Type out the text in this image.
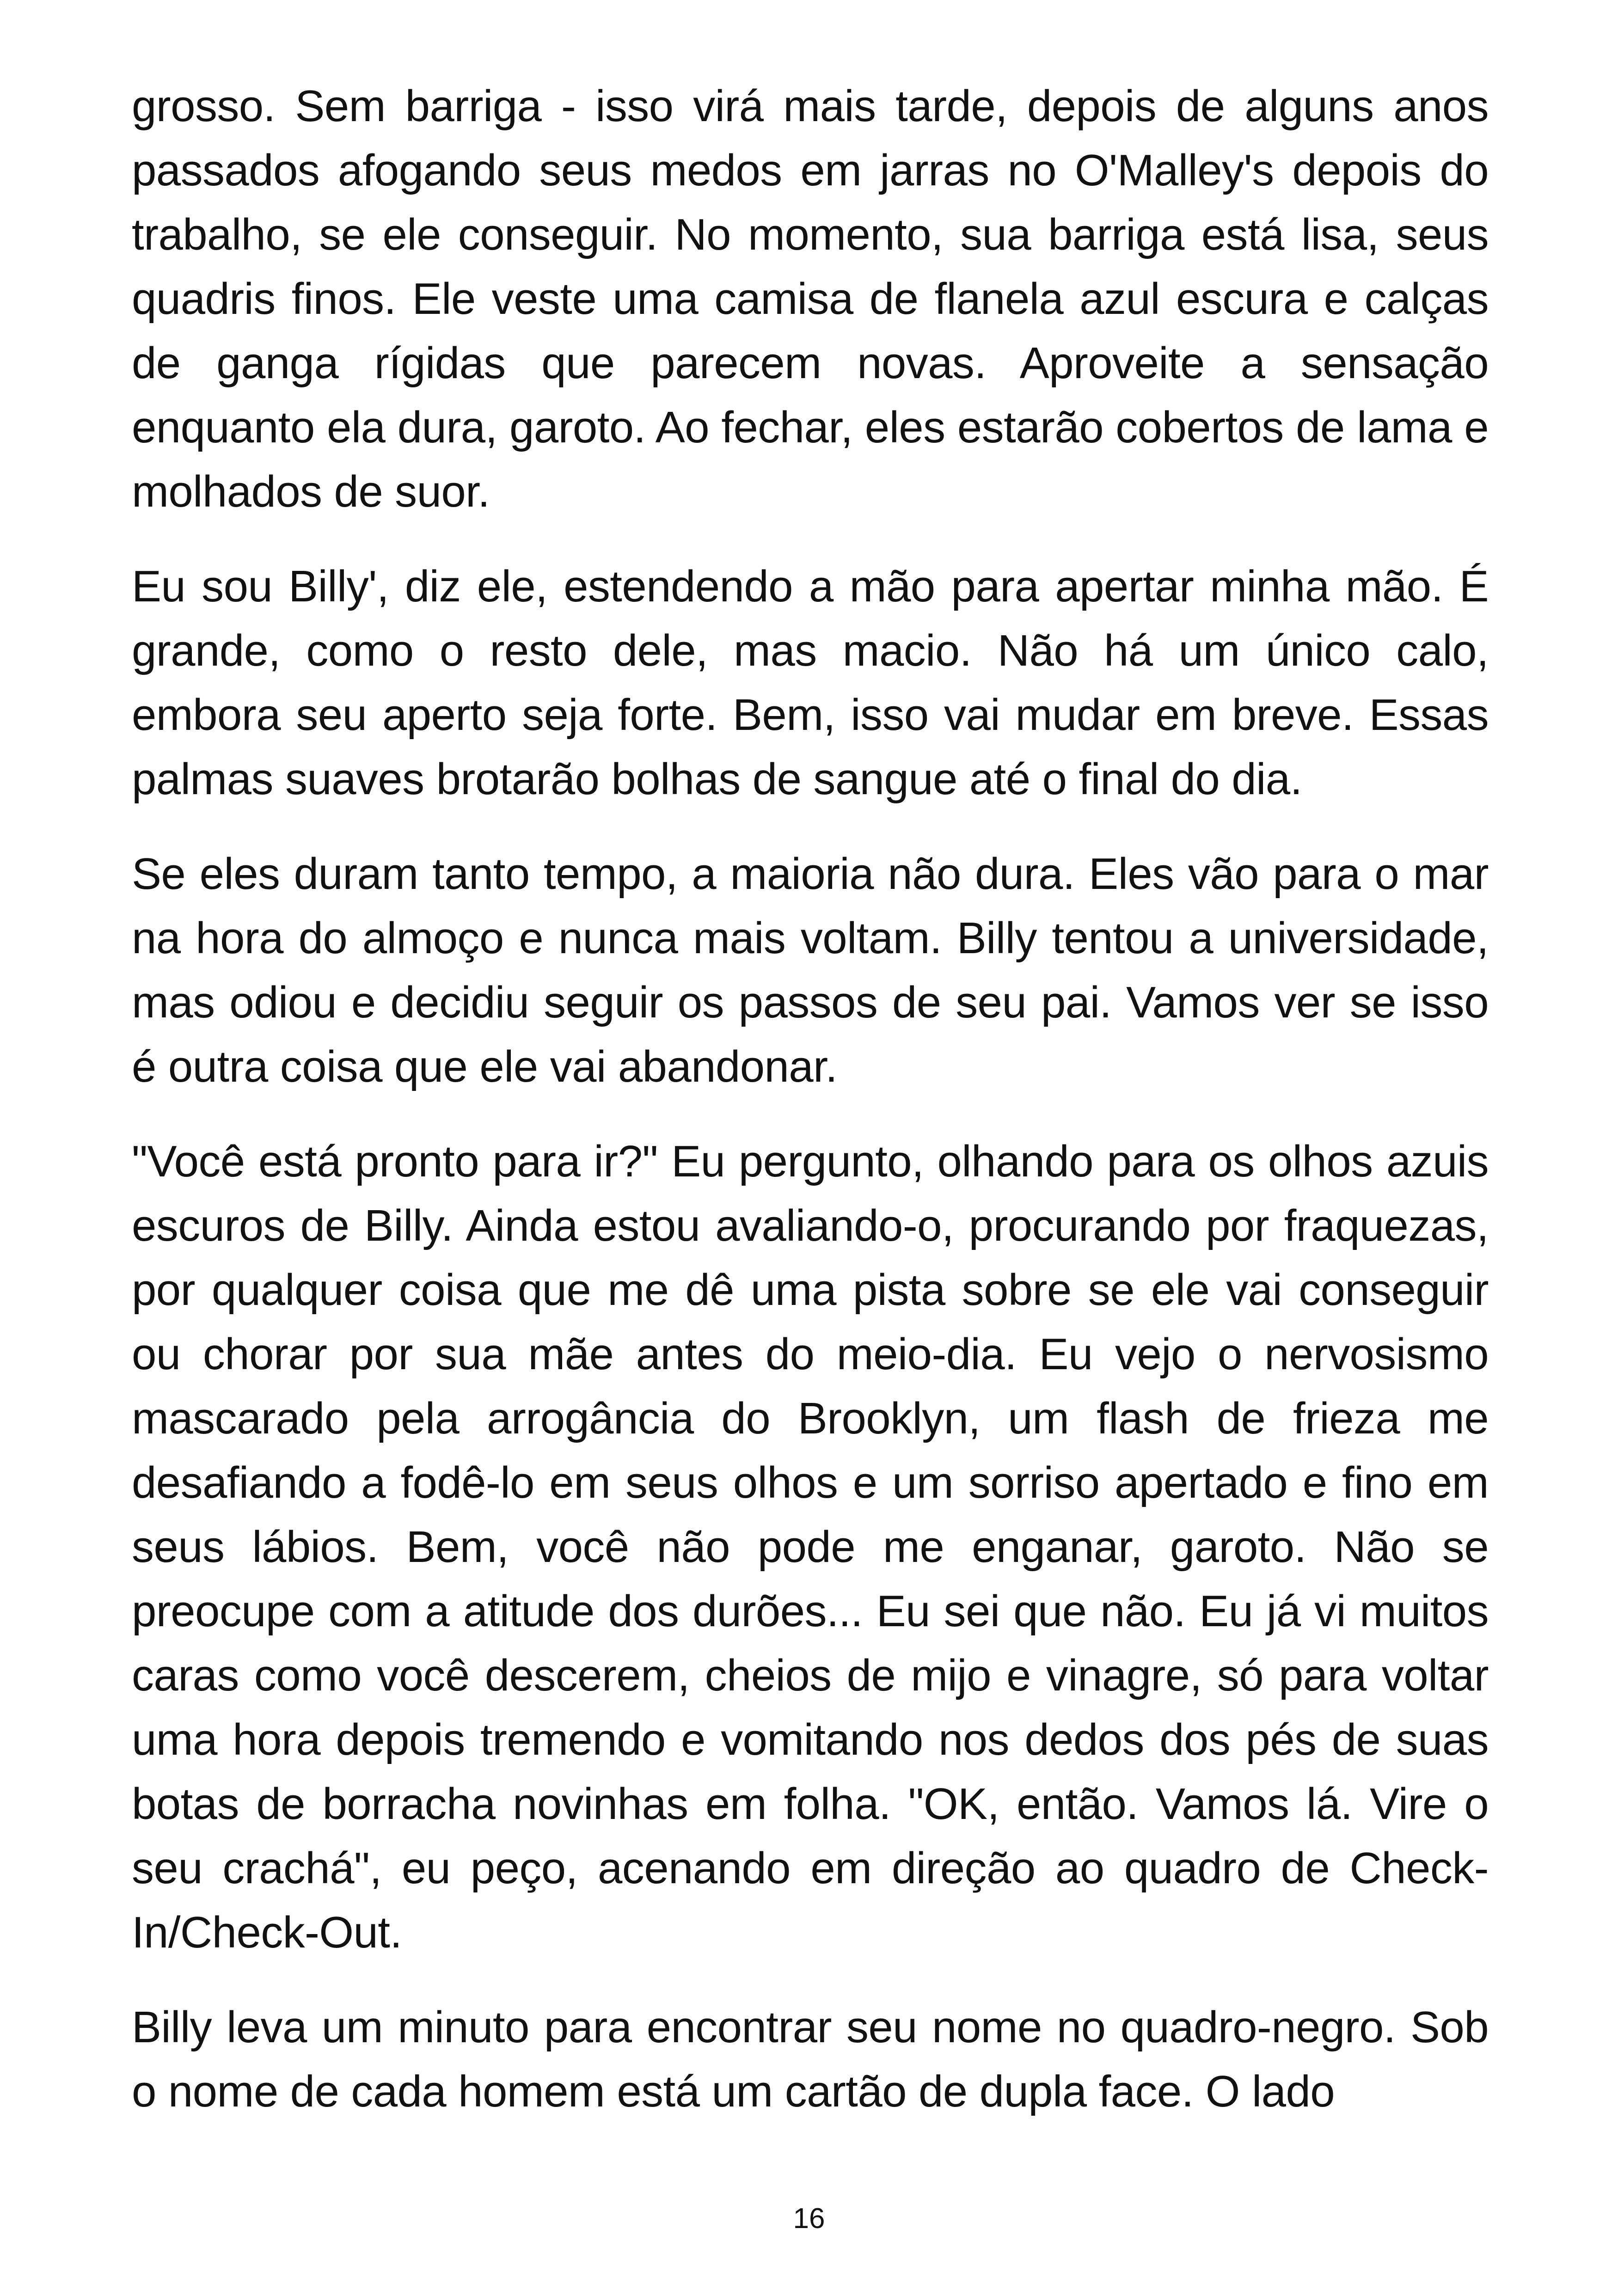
grosso. Sem barriga - isso virá mais tarde, depois de alguns anos passados afogando seus medos em jarras no O'Malley's depois do trabalho, se ele conseguir. No momento, sua barriga está lisa, seus quadris finos. Ele veste uma camisa de flanela azul escura e calças de ganga rígidas que parecem novas. Aproveite a sensação enquanto ela dura, garoto. Ao fechar, eles estarão cobertos de lama e molhados de suor.

Eu sou Billy', diz ele, estendendo a mão para apertar minha mão. É grande, como o resto dele, mas macio. Não há um único calo, embora seu aperto seja forte. Bem, isso vai mudar em breve. Essas palmas suaves brotarão bolhas de sangue até o final do dia.

Se eles duram tanto tempo, a maioria não dura. Eles vão para o mar na hora do almoço e nunca mais voltam. Billy tentou a universidade, mas odiou e decidiu seguir os passos de seu pai. Vamos ver se isso é outra coisa que ele vai abandonar.

"Você está pronto para ir?" Eu pergunto, olhando para os olhos azuis escuros de Billy. Ainda estou avaliando-o, procurando por fraquezas, por qualquer coisa que me dê uma pista sobre se ele vai conseguir ou chorar por sua mãe antes do meio-dia. Eu vejo o nervosismo mascarado pela arrogância do Brooklyn, um flash de frieza me desafiando a fodê-lo em seus olhos e um sorriso apertado e fino em seus lábios. Bem, você não pode me enganar, garoto. Não se preocupe com a atitude dos durões... Eu sei que não. Eu já vi muitos caras como você descerem, cheios de mijo e vinagre, só para voltar uma hora depois tremendo e vomitando nos dedos dos pés de suas botas de borracha novinhas em folha. "OK, então. Vamos lá. Vire o seu crachá", eu peço, acenando em direção ao quadro de Check-In/Check-Out.

Billy leva um minuto para encontrar seu nome no quadro-negro. Sob o nome de cada homem está um cartão de dupla face. O lado

16
